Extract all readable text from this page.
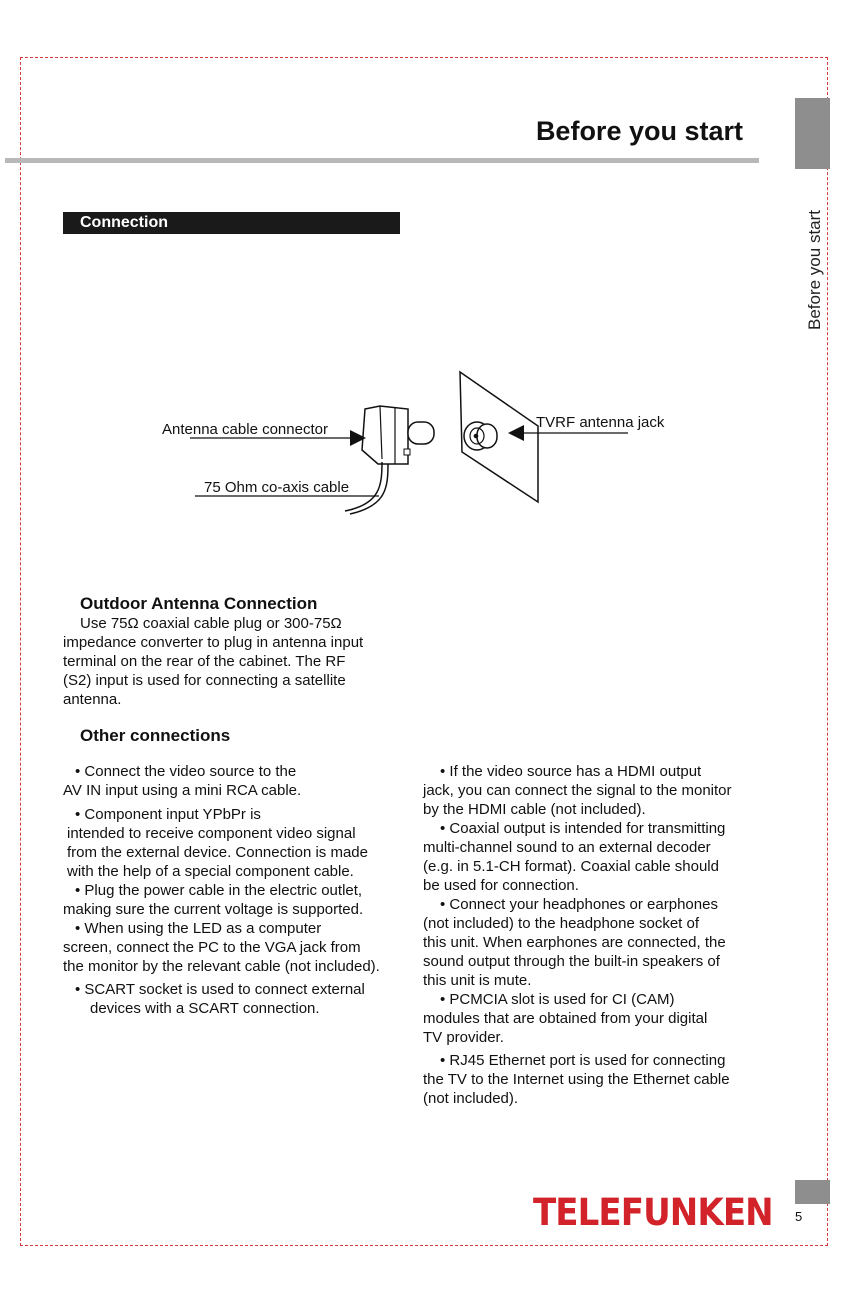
Before you start
Before you start
Connection
Antenna cable connector
75 Ohm co-axis cable
TVRF antenna jack
Outdoor Antenna Connection
Use 75Ω coaxial cable plug or 300-75Ω
impedance converter to plug in antenna input
terminal on the rear of the cabinet. The RF
(S2) input is used for connecting a satellite
antenna.
Other connections
• Connect the video source to the
AV IN input using a mini RCA cable.
• Component input YPbPr is
intended to receive component video signal
from the external device. Connection is made
with the help of a special component cable.
• Plug the power cable in the electric outlet,
making sure the current voltage is supported.
• When using the LED as a computer
screen, connect the PC to the VGA jack from
the monitor by the relevant cable (not included).
• SCART socket is used to connect external
devices with a SCART connection.
• If the video source has a HDMI output
jack, you can connect the signal to the monitor
by the HDMI cable (not included).
• Coaxial output is intended for transmitting
multi-channel sound to an external decoder
(e.g. in 5.1-CH format). Coaxial cable should
be used for connection.
• Connect your headphones or earphones
(not included) to the headphone socket of
this unit. When earphones are connected, the
sound output through the built-in speakers of
this unit is mute.
• PCMCIA slot is used for CI (CAM)
modules that are obtained from your digital
TV provider.
• RJ45 Ethernet port is used for connecting
the TV to the Internet using the Ethernet cable
(not included).
TELEFUNKEN 5
